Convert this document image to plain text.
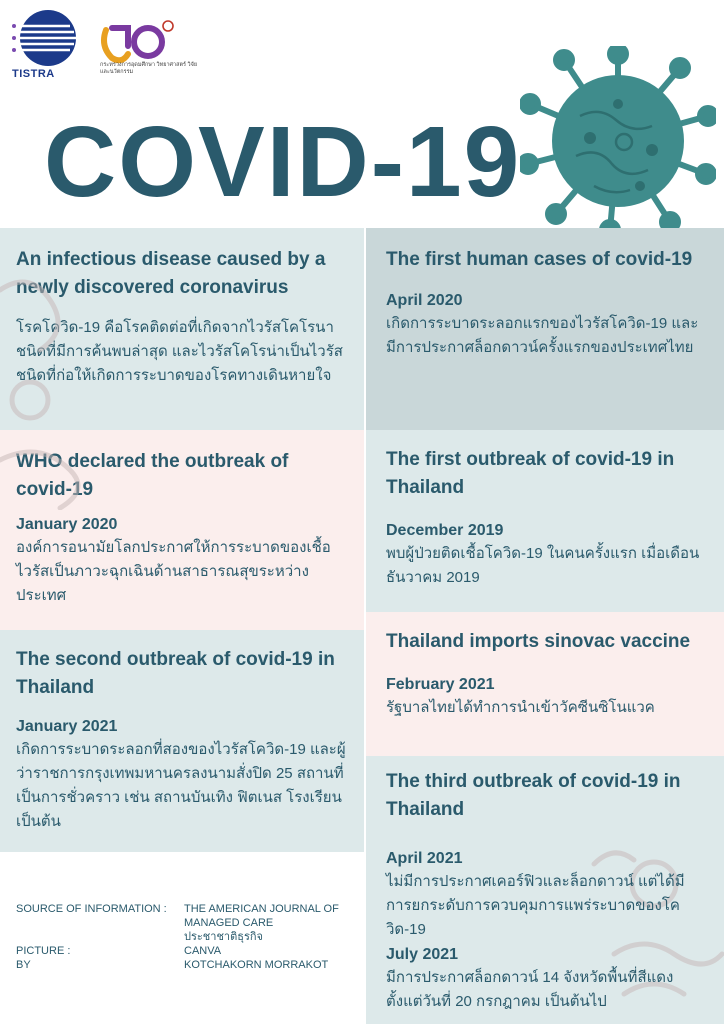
TISTRA
กระทรวงการอุดมศึกษา วิทยาศาสตร์ วิจัยและนวัตกรรม
COVID-19
An infectious disease caused by a newly discovered coronavirus
โรคโควิด-19 คือโรคติดต่อที่เกิดจากไวรัสโคโรนาชนิดที่มีการค้นพบล่าสุด และไวรัสโคโรน่าเป็นไวรัสชนิดที่ก่อให้เกิดการระบาดของโรคทางเดินหายใจ
WHO declared the outbreak of covid-19
January 2020
องค์การอนามัยโลกประกาศให้การระบาดของเชื้อไวรัสเป็นภาวะฉุกเฉินด้านสาธารณสุขระหว่างประเทศ
The second outbreak of covid-19 in Thailand
January 2021
เกิดการระบาดระลอกที่สองของไวรัสโควิด-19 และผู้ว่าราชการกรุงเทพมหานครลงนามสั่งปิด 25 สถานที่ เป็นการชั่วคราว เช่น สถานบันเทิง ฟิตเนส โรงเรียน เป็นต้น
The first human cases of covid-19
April 2020
เกิดการระบาดระลอกแรกของไวรัสโควิด-19 และมีการประกาศล็อกดาวน์ครั้งแรกของประเทศไทย
The first outbreak of covid-19 in Thailand
December 2019
พบผู้ป่วยติดเชื้อโควิด-19 ในคนครั้งแรก เมื่อเดือนธันวาคม 2019
Thailand imports sinovac vaccine
February 2021
รัฐบาลไทยได้ทำการนำเข้าวัคซีนซิโนแวค
The third outbreak of covid-19 in Thailand
April 2021
ไม่มีการประกาศเคอร์ฟิวและล็อกดาวน์ แต่ได้มีการยกระดับการควบคุมการแพร่ระบาดของโควิด-19
July 2021
มีการประกาศล็อกดาวน์ 14 จังหวัดพื้นที่สีแดง ตั้งแต่วันที่ 20 กรกฎาคม เป็นต้นไป
SOURCE OF INFORMATION :	THE AMERICAN JOURNAL OF MANAGED CARE
ประชาชาติธุรกิจ
PICTURE :	CANVA
BY	KOTCHAKORN MORRAKOT
